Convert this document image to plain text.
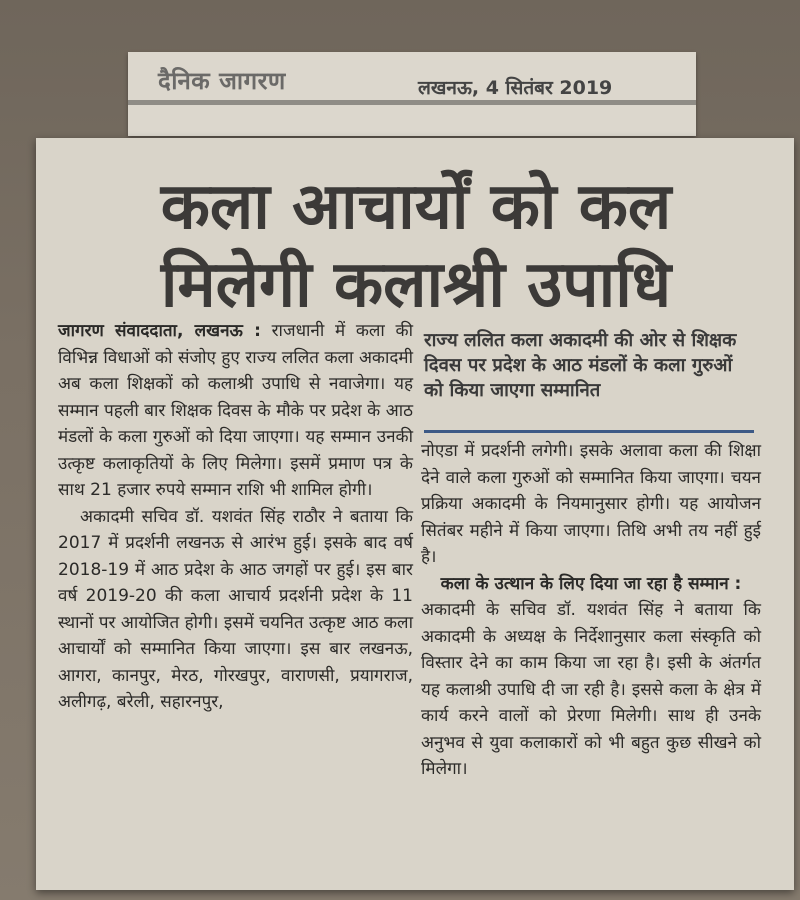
दैनिक जागरण	लखनऊ, 4 सितंबर 2019
कला आचार्यों को कल
मिलेगी कलाश्री उपाधि

जागरण संवाददाता, लखनऊ : राजधानी में कला की विभिन्न विधाओं को संजोए हुए राज्य ललित कला अकादमी अब कला शिक्षकों को कलाश्री उपाधि से नवाजेगा। यह सम्मान पहली बार शिक्षक दिवस के मौके पर प्रदेश के आठ मंडलों के कला गुरुओं को दिया जाएगा। यह सम्मान उनकी उत्कृष्ट कलाकृतियों के लिए मिलेगा। इसमें प्रमाण पत्र के साथ 21 हजार रुपये सम्मान राशि भी शामिल होगी।

अकादमी सचिव डॉ. यशवंत सिंह राठौर ने बताया कि 2017 में प्रदर्शनी लखनऊ से आरंभ हुई। इसके बाद वर्ष 2018-19 में आठ प्रदेश के आठ जगहों पर हुई। इस बार वर्ष 2019-20 की कला आचार्य प्रदर्शनी प्रदेश के 11 स्थानों पर आयोजित होगी। इसमें चयनित उत्कृष्ट आठ कला आचार्यों को सम्मानित किया जाएगा। इस बार लखनऊ, आगरा, कानपुर, मेरठ, गोरखपुर, वाराणसी, प्रयागराज, अलीगढ़, बरेली, सहारनपुर,

राज्य ललित कला अकादमी की ओर से शिक्षक दिवस पर प्रदेश के आठ मंडलों के कला गुरुओं को किया जाएगा सम्मानित

नोएडा में प्रदर्शनी लगेगी। इसके अलावा कला की शिक्षा देने वाले कला गुरुओं को सम्मानित किया जाएगा। चयन प्रक्रिया अकादमी के नियमानुसार होगी। यह आयोजन सितंबर महीने में किया जाएगा। तिथि अभी तय नहीं हुई है।

कला के उत्थान के लिए दिया जा रहा है सम्मान :

अकादमी के सचिव डॉ. यशवंत सिंह ने बताया कि अकादमी के अध्यक्ष के निर्देशानुसार कला संस्कृति को विस्तार देने का काम किया जा रहा है। इसी के अंतर्गत यह कलाश्री उपाधि दी जा रही है। इससे कला के क्षेत्र में कार्य करने वालों को प्रेरणा मिलेगी। साथ ही उनके अनुभव से युवा कलाकारों को भी बहुत कुछ सीखने को मिलेगा।
